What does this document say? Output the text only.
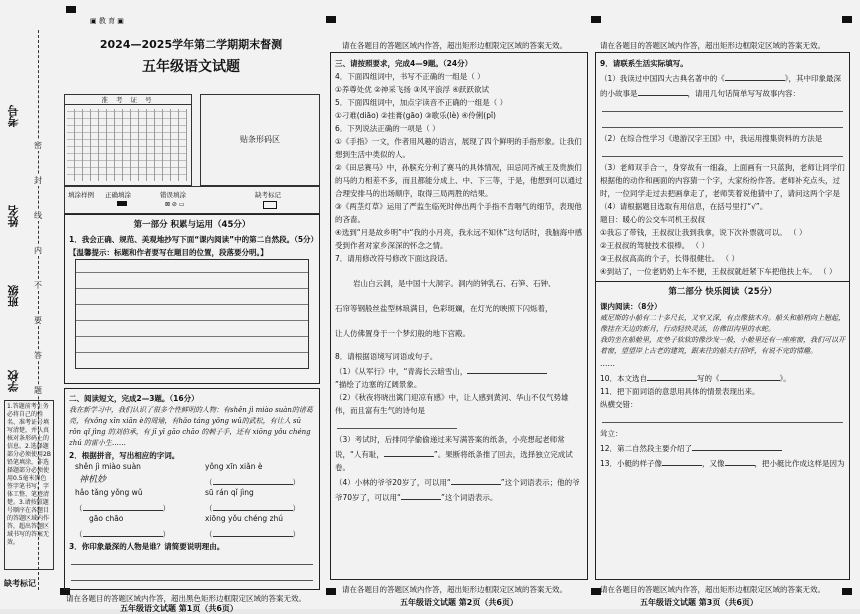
考号
姓名
班级
学校
密
封
线
内
不
要
答
题
1.答题前考生务必将自己的姓名、准考证号填写清楚，并认真核对条形码上的信息。2.选择题部分必须使用2B铅笔填涂，非选择题部分必须使用0.5毫米黑色签字笔书写，字体工整、笔迹清楚。3.请按照题号顺序在各题目的答题区域内作答，超出答题区域书写的答案无效。
缺考标记
▣ 教 育 ▣
2024—2025学年第二学期期末督测
五年级语文试题
准 考 证 号
贴条形码区
填涂样例 正确填涂	错误填涂
⊠ ⊘ ▭
缺考标记
第一部分 积累与运用（45分）
1．我会正确、规范、美观地抄写下面“课内阅读”中的第二自然段。（5分）
【温馨提示：标题和作者要写在题目的位置，段落要分明。】
二、阅读短文，完成2—3题。（16分）
我在新学习中，我们认识了很多个性鲜明的人物：有shěn jì miào suàn的诸葛亮，有xǒng xīn xiān è的周瑜，有hǎo táng yǒng wǔ的武松，有让人 sū rǒn qǐ jìng 的刘伯承，有 jī yī gāo chāo 的刺子手，还有 xiōng yǒu chéng zhú 的雷小生……
2．根据拼音，写出相应的字词。
shěn jì miào suàn	yǒng xīn xiǎn è
神机妙	（	）
hǎo tǎng yǒng wǔ	sū rán qǐ jìng
（	）	（	）
gāo chāo	xiōng yǒu chéng zhú
（	）	（	）
3．你印象最深的人物是谁？请简要说明理由。
请在各题目的答题区域内作答，超出黑色矩形边框限定区域的答案无效。
五年级语文试题 第1页（共6页）
请在各题目的答题区域内作答，超出矩形边框限定区域的答案无效。
三、请按照要求，完成4—9题。（24分）
4．下面四组词中，书写不正确的一组是（ ）
①养尊处优 ②神采飞扬 ③风平浪浮 ④跃跃欲试
5．下面四组词中，加点字读音不正确的一组是（ ）
①刁难(diāo) ②挂膏(gāo) ③歌乐(lè) ④伶俐(pǐ)
6．下列说法正确的一项是（ ）
①《手指》一文，作者用风趣的语言，展现了四个鲜明的手指形象。让我们想到生活中类似的人。
②《田忌赛马》中，孙膑充分利了赛马的具体情况，田忌同齐威王及贵族们的马的力相差不多，而且都能分成上、中、下三等，于是，他想到可以通过合理安排马的出场顺序，取得三局两胜的结果。
③《两茎灯草》运用了严监生临死时伸出两个手指不肯咽气的细节，表现他的吝啬。
④选到“月是故乡明”中“我的小月亮，我永远不知休”这句话时，我脑海中感受到作者对家乡深深的怀念之情。
7．请用修改符号修改下面这段话。
岩山白云洞，是中国十大洞字。洞内的钟乳石、石笋、石钟、
石帘等钢般丝盐型林琅满目，色彩斑斓，在灯光的映照下闪烁着，
让人仿佛置身于一个梦幻般的地下宫殿。
8．请根据语境写词语或句子。
（1）《从军行》中，“青海长云暗雪山，
”描绘了边塞的辽阔景象。
（2）《秋夜将晓出篱门迎凉有感》中，让人感到黄河、华山不仅气势雄伟，而且富有生气的诗句是
（3）考试时，后排同学偷偷递过来写满答案的纸条，小亮想起老师常说，“人有耻，	”。果断将纸条推了回去，选择独立完成试卷。
（4）小林的爷爷20岁了，可以用“	”这个词语表示；他的爷爷70岁了，可以用“	”这个词语表示。
请在各题目的答题区域内作答，超出矩形边框限定区域的答案无效。
五年级语文试题 第2页（共6页）
请在各题目的答题区域内作答，超出矩形边框限定区域的答案无效。
9．请联系生活实际填写。
（1）我读过中国四大古典名著中的《	》，其中印象最深的小故事是	，请用几句话简单写写故事内容：
（2）在综合性学习《遨游汉字王国》中，我运用搜集资料的方法是
（3）老师双手合一，身穿故有一细淼，上面画有一只蓝狗，老师让同学们根据他的动作和画面的内容猜一个字，大家纷纷作答。老师补充点头，过时，一位同学走过去把画拿走了，老师笑着说他猜中了，请问这两个字是
（4）请根据题目选取有用信息，在括号里打“√”。
题目：暖心的公交车司机王叔叔
①我忘了带钱，王叔叔让我到我拿，说下次补票就可以。 （ ）
②王叔叔的驾驶技术很棒。 （ ）
③王叔叔高高的个子，长得很健壮。 （ ）
④到站了，一位老奶奶上车不便，王叔叔就赶紧下车把他扶上车。 （ ）
第二部分 快乐阅读（25分）
课内阅读：（8分）
威尼斯的小船有二十多尺长，又窄又深，有点像独木舟。船头和船梢向上翘起，像挂在天边的新月，行动轻快灵活，仿佛田沟里的水蛇。
我的坐在船舱里，皮垫子软软的像沙发一般，小舱里还有一座座窗，我们可以开着窗，望望岸上古老的建筑，跟来往的船夫打招呼，有说不完的情趣。
……
10．本文选自	写的《	》。
11．把下面词语的意思用具体的情景表现出来。
纵横交错：
耸立：
12．第二自然段主要介绍了
13．小艇的样子像	，又像	，把小艇比作成这样是因为
请在各题目的答题区域内作答，超出矩形边框限定区域的答案无效。
五年级语文试题 第3页（共6页）
